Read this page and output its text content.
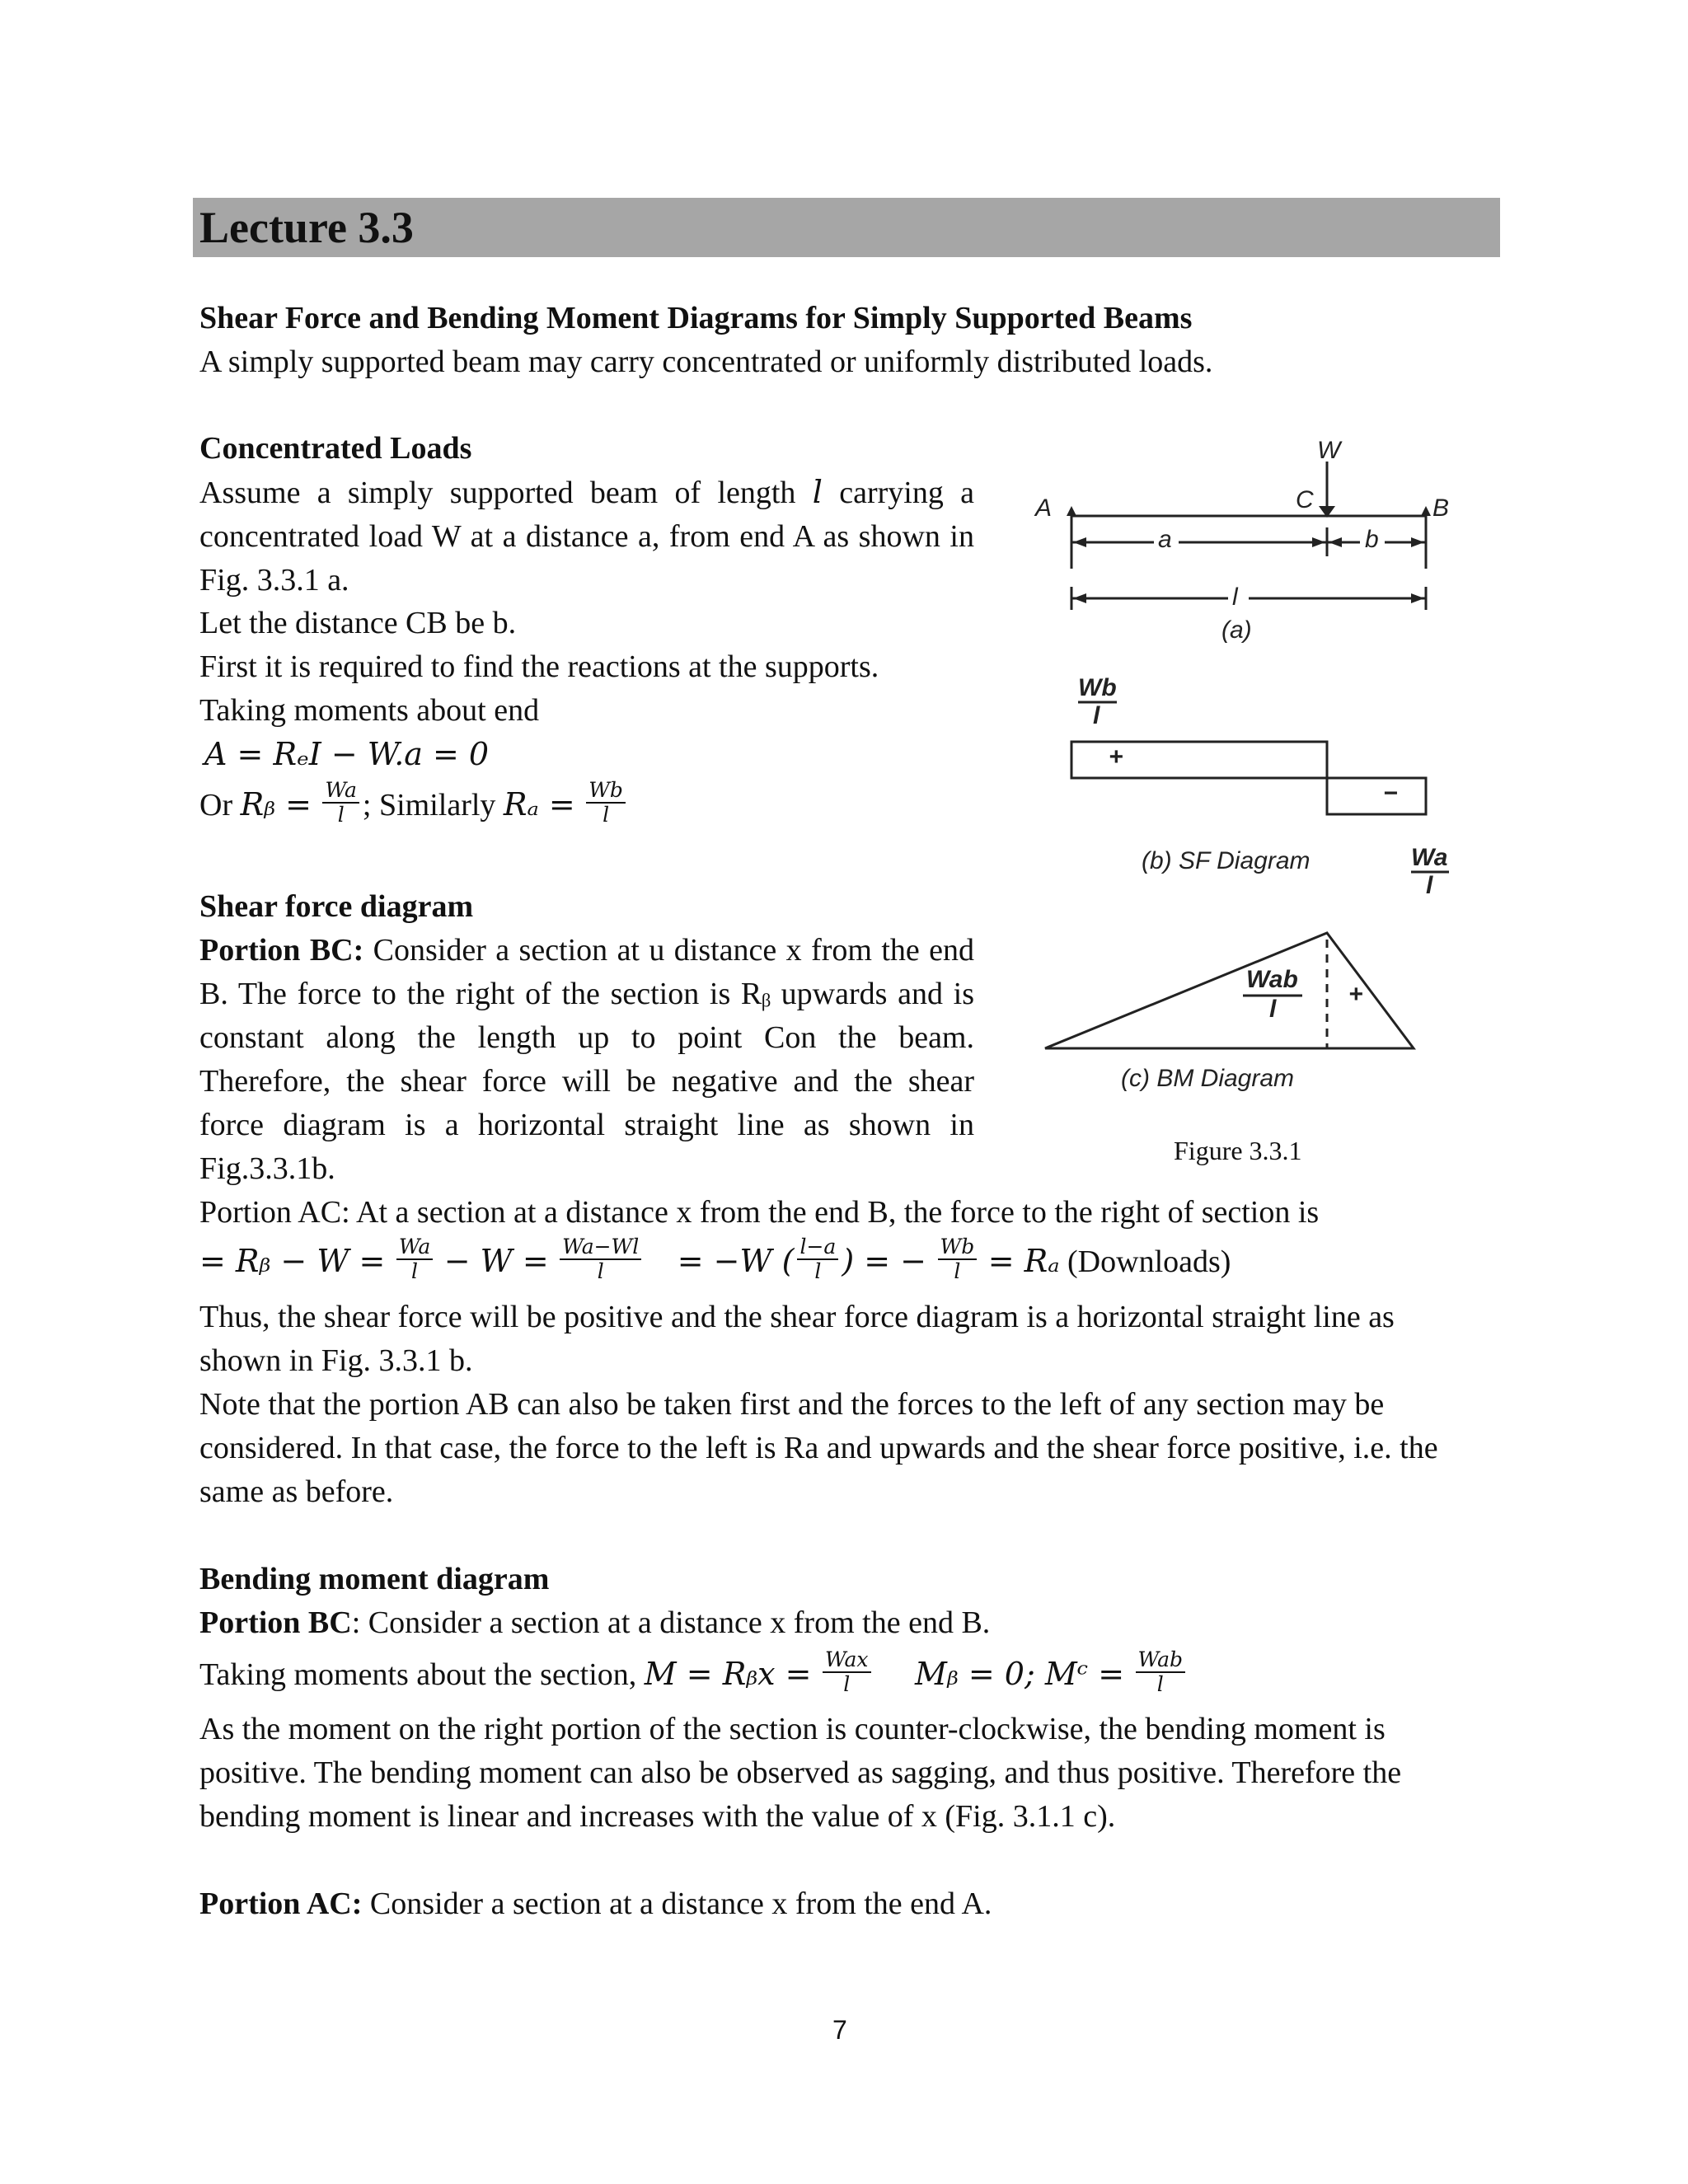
Lecture 3.3
Shear Force and Bending Moment Diagrams for Simply Supported Beams
A simply supported beam may carry concentrated or uniformly distributed loads.
Concentrated Loads
Assume a simply supported beam of length l carrying a concentrated load W at a distance a, from end A as shown in Fig. 3.3.1 a.
Let the distance CB be b.
First it is required to find the reactions at the supports.
Taking moments about end
A = RₑI − W.a = 0
Or Rᵦ = $\frac{Wa}{l}$ ; Similarly $R_a = \frac{Wb}{l}$
Shear force diagram
Portion BC: Consider a section at u distance x from the end B. The force to the right of the section is Rᵦ upwards and is constant along the length up to point Con the beam. Therefore, the shear force will be negative and the shear force diagram is a horizontal straight line as shown in Fig.3.3.1b.
Portion AC: At a section at a distance x from the end B, the force to the right of section is
= Rᵦ − $W = \frac{Wa}{l} - W = \frac{Wa-Wl}{l} = -W$ ( $\frac{l-a}{l}$ ) = − $\frac{Wb}{l} = R_a$ (Downloads)
Thus, the shear force will be positive and the shear force diagram is a horizontal straight line as shown in Fig. 3.3.1 b.
Note that the portion AB can also be taken first and the forces to the left of any section may be considered. In that case, the force to the left is Ra and upwards and the shear force positive, i.e. the same as before.
Bending moment diagram
Portion BC: Consider a section at a distance x from the end B.
Taking moments about the section, M = Rᵦx = $\frac{\text{Wax}}{l}$ Mᵦ = 0; Mᶜ = $\frac{\text{Wab}}{l}$
As the moment on the right portion of the section is counter-clockwise, the bending moment is positive. The bending moment can also be observed as sagging, and thus positive. Therefore the bending moment is linear and increases with the value of x (Fig. 3.1.1 c).
Portion AC: Consider a section at a distance x from the end A.
W
A	B
C
a	b
l
(a)
Wb
l
+
−
(b) SF Diagram	Wa
l
Wab
l
+
(c) BM Diagram
Figure 3.3.1
7
